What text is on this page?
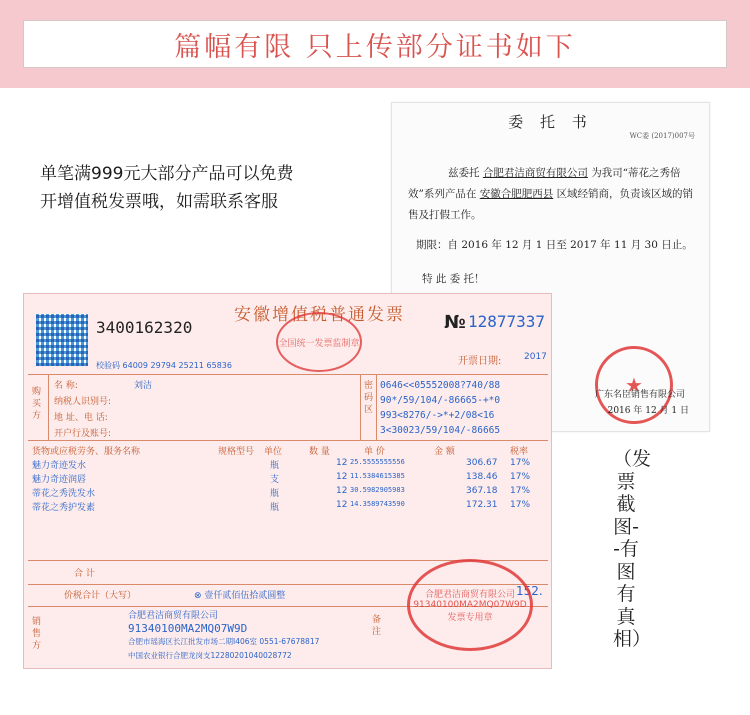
篇幅有限 只上传部分证书如下
单笔满999元大部分产品可以免费
开增值税发票哦，如需联系客服
委 托 书
WC委 (2017)007号
兹委托 合肥君洁商贸有限公司 为我司“蒂花之秀倍效”系列产品在 安徽合肥肥西县 区域经销商，负责该区域的销售及打假工作。
期限：自 2016 年 12 月 1 日至 2017 年 11 月 30 日止。
特 此 委 托！
★
广东名臣销售有限公司
2016 年 12 月 1 日
3400162320
安徽增值税普通发票
全国统一发票监制章
№ 12877337
校验码 64009 29794 25211 65836	开票日期:	2017
购买方
名 称:	刘洁
纳税人识别号:
地 址、电 话:
开户行及账号:
密码区
0646<<05552008?740/88
90*/59/104/-86665-+*0
993<8276/->*+2/08<16
3<30023/59/104/-86665
货物或应税劳务、服务名称	规格型号 单位	数 量	单 价	金 额	税率
魅力奇迹发水	瓶	12 25.5555555556	306.67 17%
魅力奇迹润唇	支	12 11.5384615385	138.46 17%
蒂花之秀洗发水	瓶	12 30.5982905983	367.18 17%
蒂花之秀护发素	瓶	12 14.3589743590	172.31 17%
合 计
价税合计（大写）	⊗ 壹仟贰佰伍拾贰圆整	152.
销售方
合肥君洁商贸有限公司
91340100MA2MQ07W9D
合肥市瑶海区长江批发市场二期I406室 0551-67678817
中国农业银行合肥龙岗支12280201040028772
备注
合肥君洁商贸有限公司
91340100MA2MQ07W9D
发票专用章
（发票截图--有图有真相）
